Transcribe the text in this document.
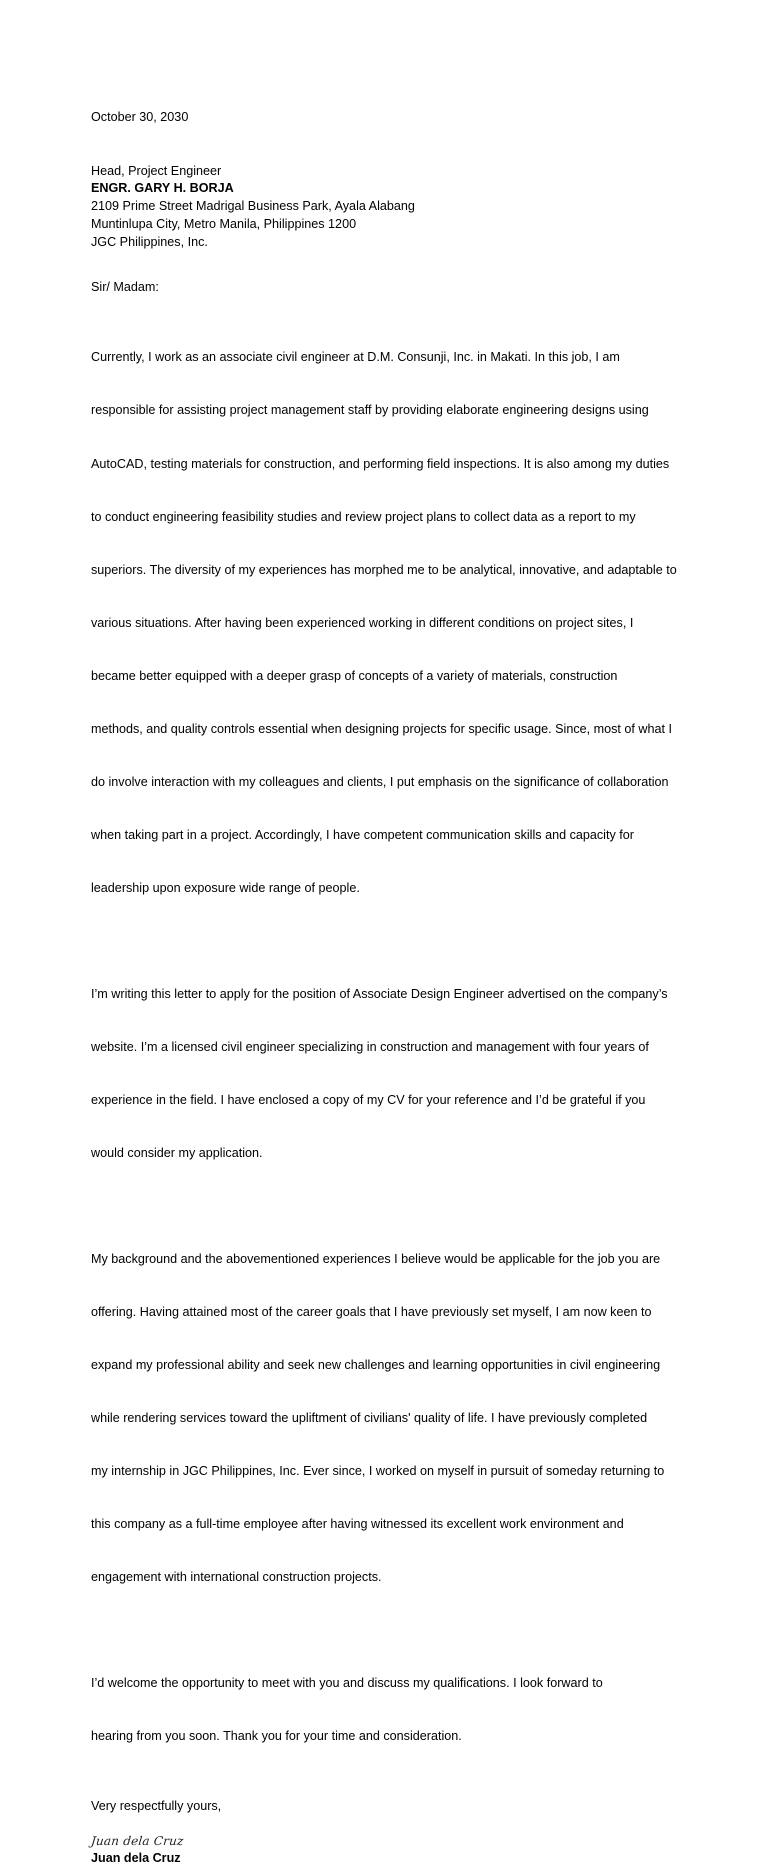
October 30, 2030
Head, Project Engineer
ENGR. GARY H. BORJA
2109 Prime Street Madrigal Business Park, Ayala Alabang
Muntinlupa City, Metro Manila, Philippines 1200
JGC Philippines, Inc.
Sir/ Madam:

Currently, I work as an associate civil engineer at D.M. Consunji, Inc. in Makati. In this job, I am

responsible for assisting project management staff by providing elaborate engineering designs using

AutoCAD, testing materials for construction, and performing field inspections. It is also among my duties

to conduct engineering feasibility studies and review project plans to collect data as a report to my

superiors. The diversity of my experiences has morphed me to be analytical, innovative, and adaptable to

various situations. After having been experienced working in different conditions on project sites, I

became better equipped with a deeper grasp of concepts of a variety of materials, construction

methods, and quality controls essential when designing projects for specific usage. Since, most of what I

do involve interaction with my colleagues and clients, I put emphasis on the significance of collaboration

when taking part in a project. Accordingly, I have competent communication skills and capacity for

leadership upon exposure wide range of people.

I’m writing this letter to apply for the position of Associate Design Engineer advertised on the company’s

website. I’m a licensed civil engineer specializing in construction and management with four years of

experience in the field. I have enclosed a copy of my CV for your reference and I’d be grateful if you

would consider my application.

My background and the abovementioned experiences I believe would be applicable for the job you are

offering. Having attained most of the career goals that I have previously set myself, I am now keen to

expand my professional ability and seek new challenges and learning opportunities in civil engineering

while rendering services toward the upliftment of civilians' quality of life. I have previously completed

my internship in JGC Philippines, Inc. Ever since, I worked on myself in pursuit of someday returning to

this company as a full-time employee after having witnessed its excellent work environment and

engagement with international construction projects.

I’d welcome the opportunity to meet with you and discuss my qualifications. I look forward to

hearing from you soon. Thank you for your time and consideration.

Very respectfully yours,
Juan dela Cruz
Juan dela Cruz
